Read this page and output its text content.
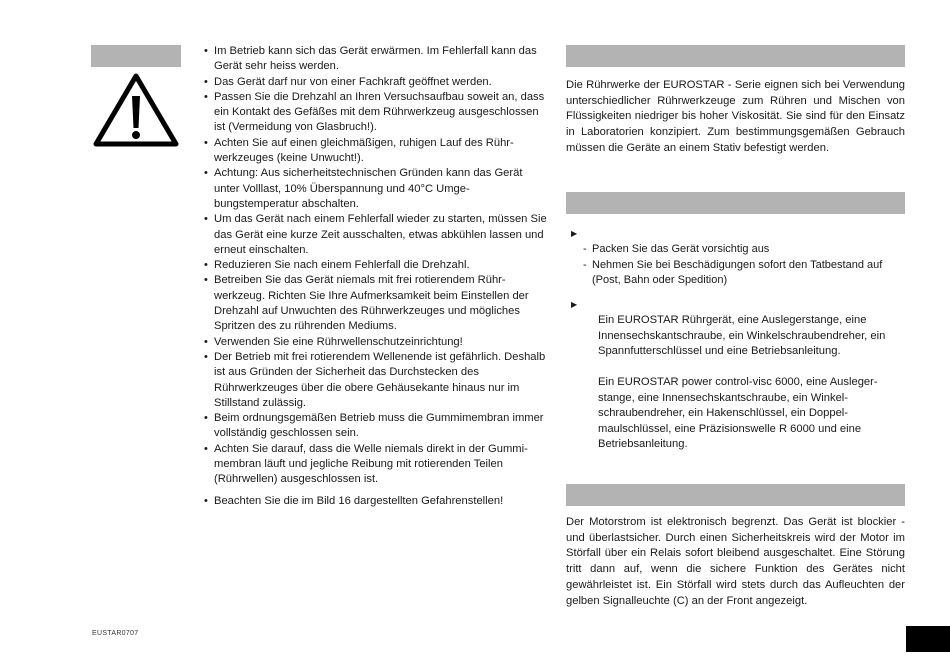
• Im Betrieb kann sich das Gerät erwärmen. Im Fehlerfall kann das Gerät sehr heiss werden.
• Das Gerät darf nur von einer Fachkraft geöffnet werden.
• Passen Sie die Drehzahl an Ihren Versuchsaufbau soweit an, dass ein Kontakt des Gefäßes mit dem Rührwerkzeug ausgeschlossen ist (Vermeidung von Glasbruch!).
• Achten Sie auf einen gleichmäßigen, ruhigen Lauf des Rührwerkzeuges (keine Unwucht!).
• Achtung: Aus sicherheitstechnischen Gründen kann das Gerät unter Volllast, 10% Überspannung und 40°C Umgebungstemperatur abschalten.
• Um das Gerät nach einem Fehlerfall wieder zu starten, müssen Sie das Gerät eine kurze Zeit ausschalten, etwas abkühlen lassen und erneut einschalten.
• Reduzieren Sie nach einem Fehlerfall die Drehzahl.
• Betreiben Sie das Gerät niemals mit frei rotierendem Rührwerkzeug. Richten Sie Ihre Aufmerksamkeit beim Einstellen der Drehzahl auf Unwuchten des Rührwerkzeuges und mögliches Spritzen des zu rührenden Mediums.
• Verwenden Sie eine Rührwellenschutzeinrichtung!
• Der Betrieb mit frei rotierendem Wellenende ist gefährlich. Deshalb ist aus Gründen der Sicherheit das Durchstecken des Rührwerkzeuges über die obere Gehäusekante hinaus nur im Stillstand zulässig.
• Beim ordnungsgemäßen Betrieb muss die Gummimembran immer vollständig geschlossen sein.
• Achten Sie darauf, dass die Welle niemals direkt in der Gummimembran läuft und jegliche Reibung mit rotierenden Teilen (Rührwellen) ausgeschlossen ist.
• Beachten Sie die im Bild 16 dargestellten Gefahrenstellen!
Die Rührwerke der EUROSTAR - Serie eignen sich bei Verwendung unterschiedlicher Rührwerkzeuge zum Rühren und Mischen von Flüssigkeiten niedriger bis hoher Viskosität. Sie sind für den Einsatz in Laboratorien konzipiert. Zum bestimmungsgemäßen Gebrauch müssen die Geräte an einem Stativ befestigt werden.
▶
- Packen Sie das Gerät vorsichtig aus
- Nehmen Sie bei Beschädigungen sofort den Tatbestand auf (Post, Bahn oder Spedition)
▶
Ein EUROSTAR Rührgerät, eine Auslegerstange, eine Innensechskantschraube, ein Winkelschraubendreher, ein Spannfutterschlüssel und eine Betriebsanleitung.
Ein EUROSTAR power control-visc 6000, eine Auslegerstange, eine Innensechskantschraube, ein Winkelschraubendreher, ein Hakenschlüssel, ein Doppelmaulschlüssel, eine Präzisionswelle R 6000 und eine Betriebsanleitung.
Der Motorstrom ist elektronisch begrenzt. Das Gerät ist blockier - und überlastsicher. Durch einen Sicherheitskreis wird der Motor im Störfall über ein Relais sofort bleibend ausgeschaltet. Eine Störung tritt dann auf, wenn die sichere Funktion des Gerätes nicht gewährleistet ist. Ein Störfall wird stets durch das Aufleuchten der gelben Signalleuchte (C) an der Front angezeigt.
EUSTAR0707
